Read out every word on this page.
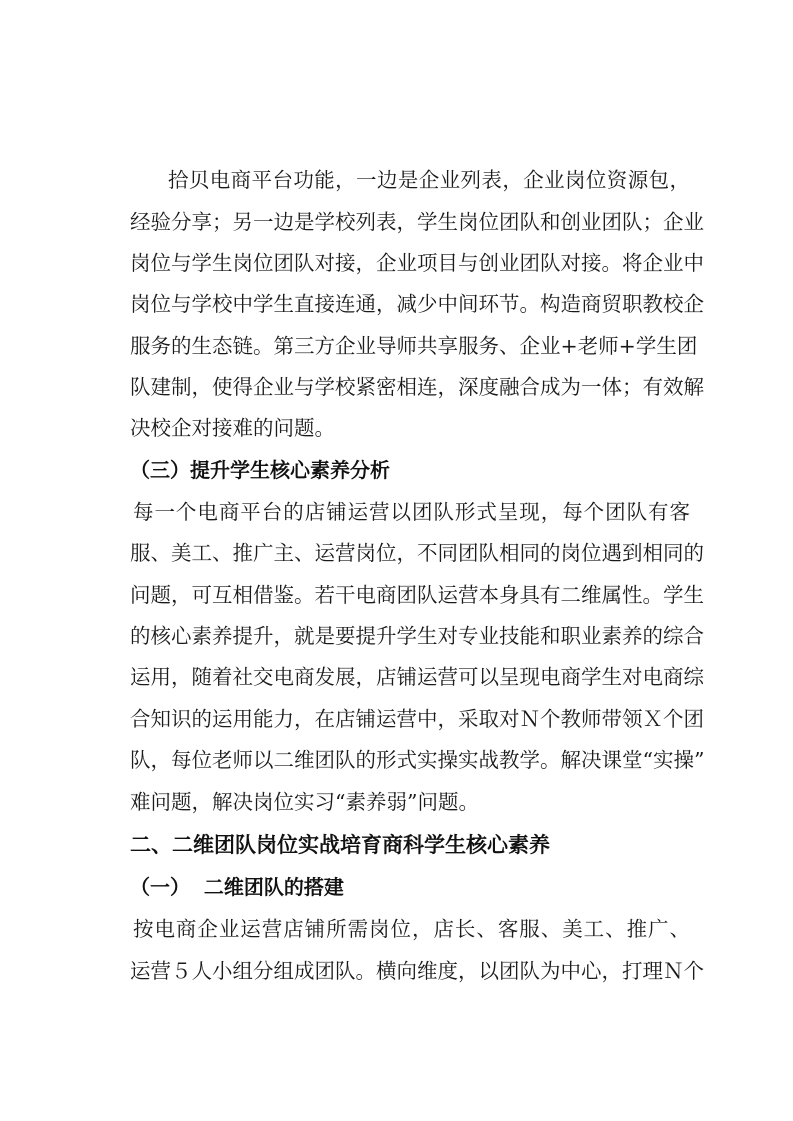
拾贝电商平台功能，一边是企业列表，企业岗位资源包，
经验分享；另一边是学校列表，学生岗位团队和创业团队；企业
岗位与学生岗位团队对接，企业项目与创业团队对接。将企业中
岗位与学校中学生直接连通，减少中间环节。构造商贸职教校企
服务的生态链。第三方企业导师共享服务、企业+老师+学生团
队建制，使得企业与学校紧密相连，深度融合成为一体；有效解
决校企对接难的问题。
（三）提升学生核心素养分析
每一个电商平台的店铺运营以团队形式呈现，每个团队有客
服、美工、推广主、运营岗位，不同团队相同的岗位遇到相同的
问题，可互相借鉴。若干电商团队运营本身具有二维属性。学生
的核心素养提升，就是要提升学生对专业技能和职业素养的综合
运用，随着社交电商发展，店铺运营可以呈现电商学生对电商综
合知识的运用能力，在店铺运营中，采取对Ｎ个教师带领Ｘ个团
队，每位老师以二维团队的形式实操实战教学。解决课堂“实操”
难问题，解决岗位实习“素养弱”问题。
二、二维团队岗位实战培育商科学生核心素养
（一）  二维团队的搭建
按电商企业运营店铺所需岗位，店长、客服、美工、推广、
运营５人小组分组成团队。横向维度，以团队为中心，打理Ｎ个
